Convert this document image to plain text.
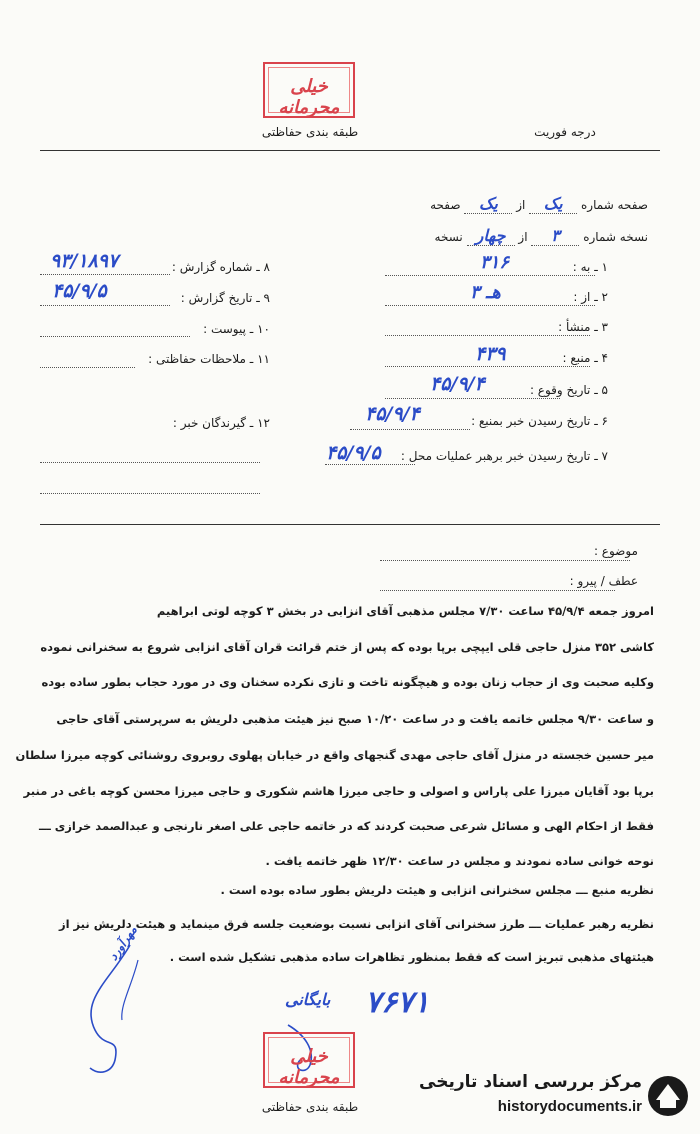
خیلی محرمانه
طبقه بندی حفاظتی	درجه فوریت
صفحه شماره یک از یک صفحه
نسخه شماره ۳ از چهار نسخه
۱ ـ به :
۳۱۶
۲ ـ از :
۳ هـ
۳ ـ منشأ :
۴ ـ منبع :
۴۳۹
۵ ـ تاریخ وقوع :
۴۵/۹/۴
۶ ـ تاریخ رسیدن خبر بمنبع :
۴۵/۹/۴
۷ ـ تاریخ رسیدن خبر برهبر عملیات محل :
۴۵/۹/۵
۸ ـ شماره گزارش :
۹۳/۱۸۹۷
۹ ـ تاریخ گزارش :
۴۵/۹/۵
۱۰ ـ پیوست :
۱۱ ـ ملاحظات حفاظتی :
۱۲ ـ گیرندگان خبر :
موضوع :
عطف / پیرو :
امروز جمعه ۴۵/۹/۴ ساعت ۷/۳۰ مجلس مذهبی آقای انزابی در بخش ۳ کوچه لوتی ابراهیم
کاشی ۳۵۲ منزل حاجی قلی ایپچی برپا بوده که پس از ختم قرائت قران آقای انزابی شروع به سخنرانی نموده
وکلیه صحبت وی از حجاب زنان بوده و هیچگونه تاخت و تازی نکرده سخنان وی در مورد حجاب بطور ساده بوده
و ساعت ۹/۳۰ مجلس خاتمه یافت و در ساعت ۱۰/۲۰ صبح نیز هیئت مذهبی دلریش به سرپرستی آقای حاجی
میر حسین خجسته در منزل آقای حاجی مهدی گنجهای واقع در خیابان پهلوی روبروی روشنائی کوچه میرزا سلطان
برپا بود آقایان میرزا علی پاراس و اصولی و حاجی میرزا هاشم شکوری و حاجی میرزا محسن کوچه باغی در منبر
فقط از احکام الهی و مسائل شرعی صحبت کردند که در خاتمه حاجی علی اصغر نارنجی و عبدالصمد خرازی ـــ
نوحه خوانی ساده نمودند و مجلس در ساعت ۱۲/۳۰ ظهر خاتمه یافت .
نظریه منبع ـــ مجلس سخنرانی انزابی و هیئت دلریش بطور ساده بوده است .
نظریه رهبر عملیات ـــ طرز سخنرانی آقای انزابی نسبت بوضعیت جلسه فرق مینماید و هیئت دلریش نیز از
هیئتهای مذهبی تبریز است که فقط بمنظور تظاهرات ساده مذهبی تشکیل شده است .
مهرآورد
۷۶۷۱
بایگانی
خیلی محرمانه
طبقه بندی حفاظتی
مرکز بررسی اسناد تاریخی
historydocuments.ir
